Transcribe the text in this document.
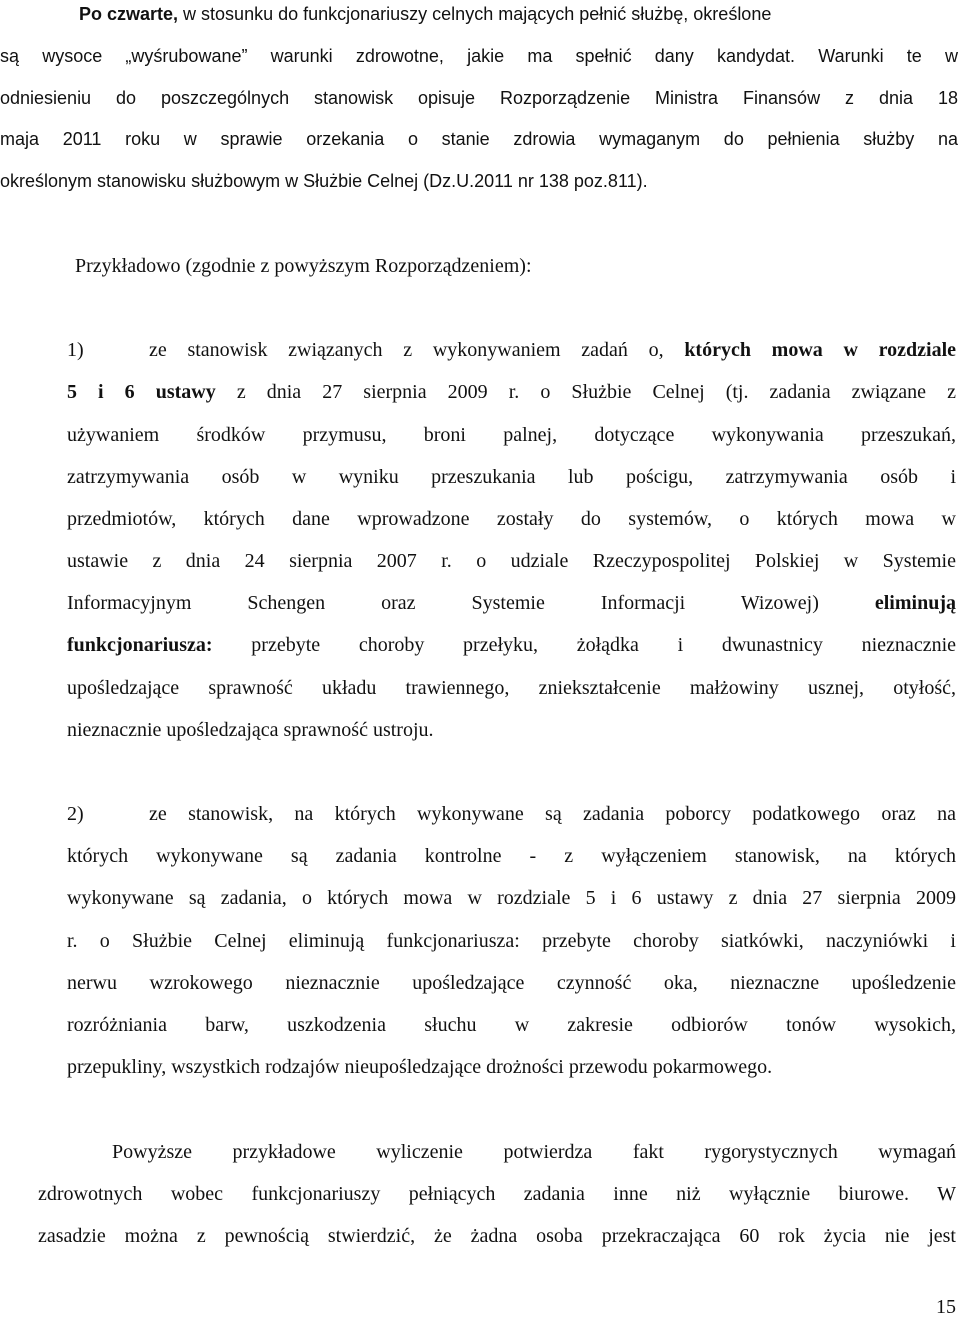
Po czwarte, w stosunku do funkcjonariuszy celnych mających pełnić służbę, określone

są wysoce „wyśrubowane” warunki zdrowotne, jakie ma spełnić dany kandydat. Warunki te w

odniesieniu do poszczególnych stanowisk opisuje Rozporządzenie Ministra Finansów z dnia 18

maja 2011 roku w sprawie orzekania o stanie zdrowia wymaganym do pełnienia służby na

określonym stanowisku służbowym w Służbie Celnej (Dz.U.2011 nr 138 poz.811).

Przykładowo (zgodnie z powyższym Rozporządzeniem):

1)	ze stanowisk związanych z wykonywaniem zadań o, których mowa w rozdziale

5 i 6 ustawy z dnia 27 sierpnia 2009 r. o Służbie Celnej (tj. zadania związane z

używaniem środków przymusu, broni palnej, dotyczące wykonywania przeszukań,

zatrzymywania osób w wyniku przeszukania lub pościgu, zatrzymywania osób i

przedmiotów, których dane wprowadzone zostały do systemów, o których mowa w

ustawie z dnia 24 sierpnia 2007 r. o udziale Rzeczypospolitej Polskiej w Systemie

Informacyjnym Schengen oraz Systemie Informacji Wizowej)	eliminują

funkcjonariusza: przebyte choroby przełyku, żołądka i dwunastnicy nieznacznie

upośledzające sprawność układu trawiennego, zniekształcenie małżowiny usznej, otyłość,

nieznacznie upośledzająca sprawność ustroju.

2)	ze stanowisk, na których wykonywane są zadania poborcy podatkowego oraz na

których wykonywane są zadania kontrolne - z wyłączeniem stanowisk, na których

wykonywane są zadania, o których mowa w rozdziale 5 i 6 ustawy z dnia 27 sierpnia 2009

r. o Służbie Celnej eliminują funkcjonariusza: przebyte choroby siatkówki, naczyniówki i

nerwu wzrokowego nieznacznie upośledzające czynność oka, nieznaczne upośledzenie

rozróżniania barw, uszkodzenia słuchu w zakresie odbiorów tonów wysokich,

przepukliny, wszystkich rodzajów nieupośledzające drożności przewodu pokarmowego.

Powyższe przykładowe wyliczenie potwierdza fakt rygorystycznych wymagań

zdrowotnych wobec funkcjonariuszy pełniących zadania inne niż wyłącznie biurowe. W

zasadzie można z pewnością stwierdzić, że żadna osoba przekraczająca 60 rok życia nie jest

15
